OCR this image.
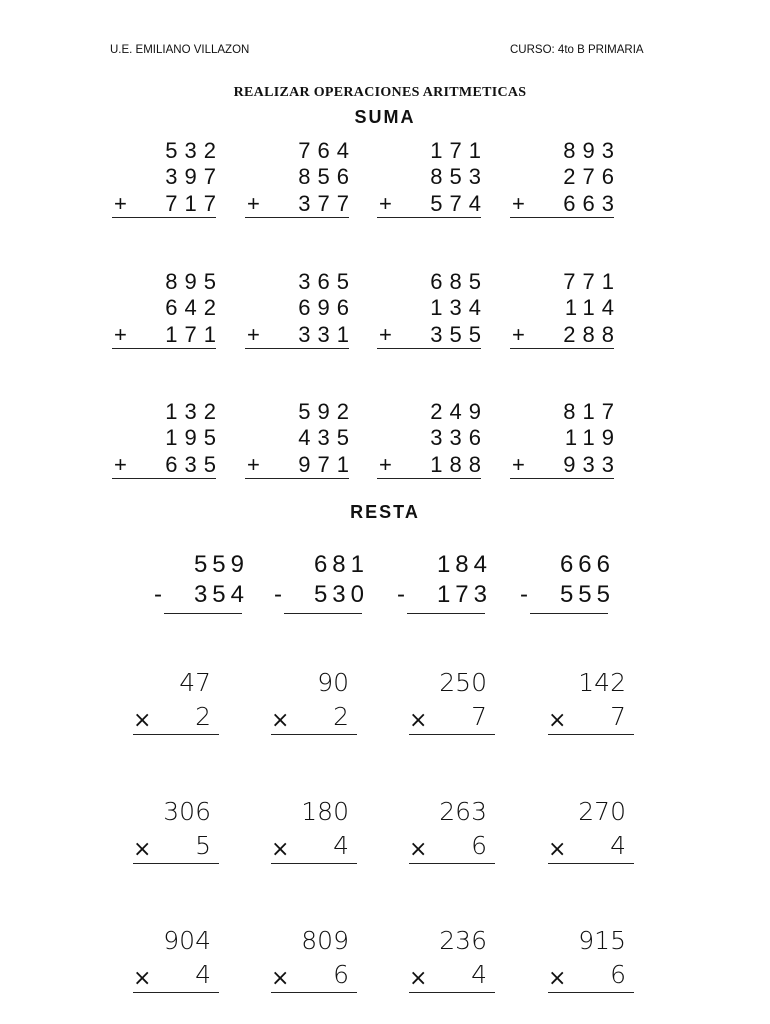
U.E. EMILIANO VILLAZON	CURSO: 4to B PRIMARIA
REALIZAR OPERACIONES ARITMETICAS
SUMA
RESTA
532
397
717
+
764
856
377
+
171
853
574
+
893
276
663
+
895
642
171
+
365
696
331
+
685
134
355
+
771
114
288
+
132
195
635
+
592
435
971
+
249
336
188
+
817
119
933
+
559
354
-
681
530
-
184
173
-
666
555
-
47
2
×
90
2
×
250
7
×
142
7
×
306
5
×
180
4
×
263
6
×
270
4
×
904
4
×
809
6
×
236
4
×
915
6
×
